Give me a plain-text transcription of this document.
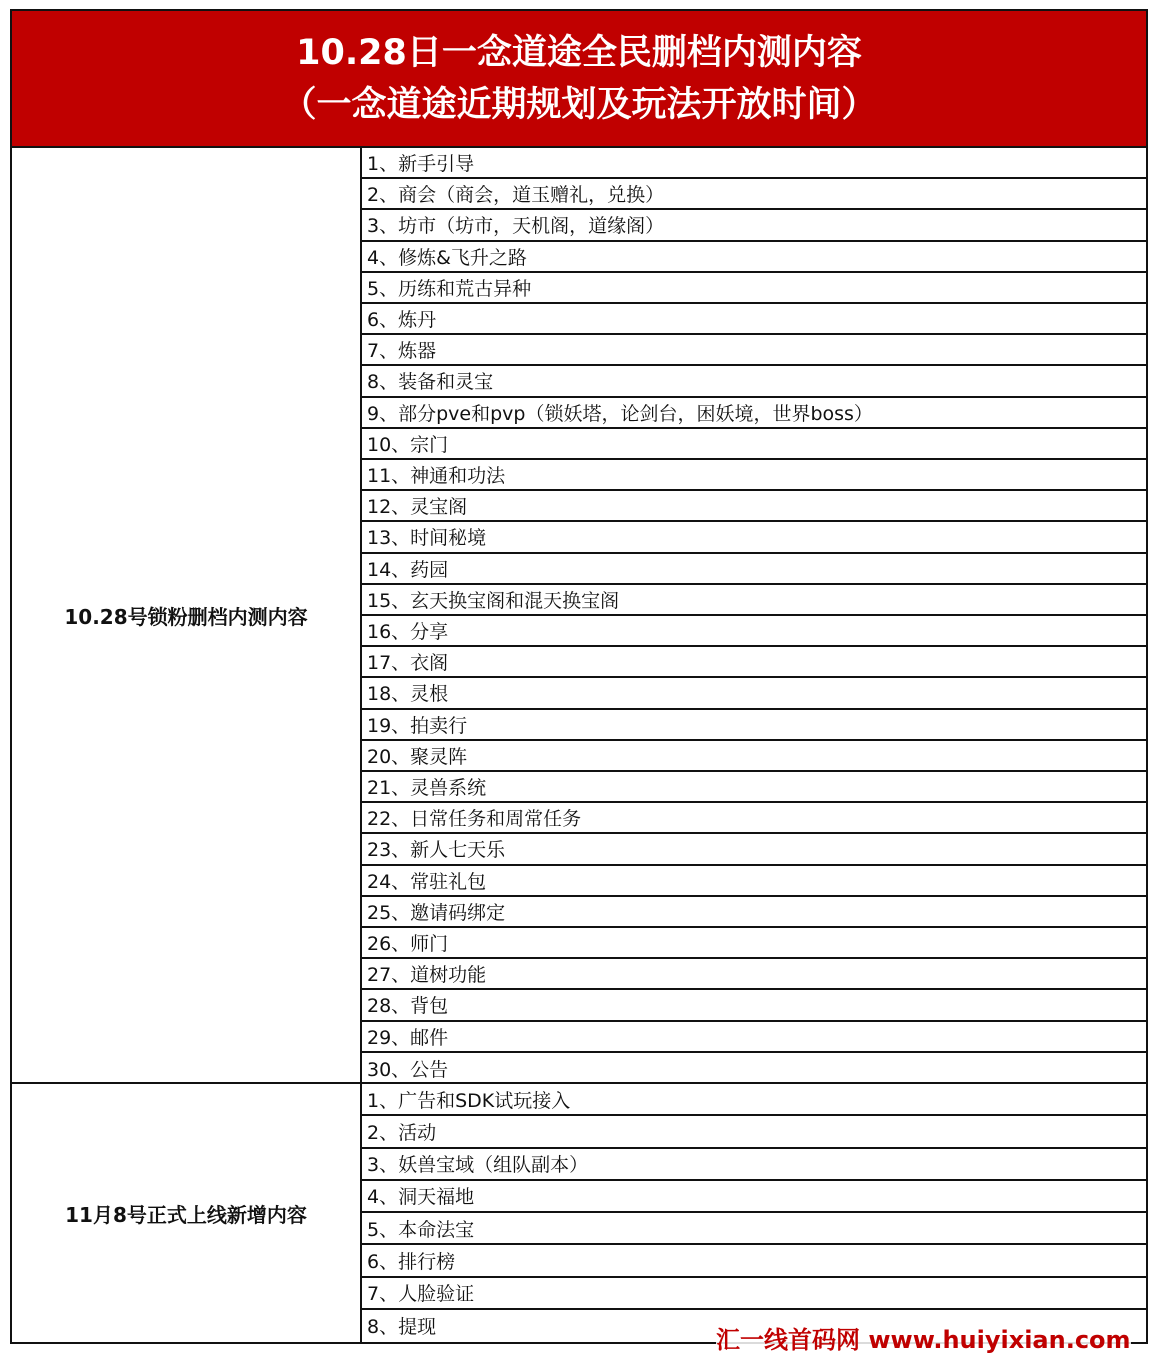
10.28日一念道途全民删档内测内容
（一念道途近期规划及玩法开放时间）
10.28号锁粉删档内测内容
1、新手引导
2、商会（商会，道玉赠礼，兑换）
3、坊市（坊市，天机阁，道缘阁）
4、修炼&飞升之路
5、历练和荒古异种
6、炼丹
7、炼器
8、装备和灵宝
9、部分pve和pvp（锁妖塔，论剑台，困妖境，世界boss）
10、宗门
11、神通和功法
12、灵宝阁
13、时间秘境
14、药园
15、玄天换宝阁和混天换宝阁
16、分享
17、衣阁
18、灵根
19、拍卖行
20、聚灵阵
21、灵兽系统
22、日常任务和周常任务
23、新人七天乐
24、常驻礼包
25、邀请码绑定
26、师门
27、道树功能
28、背包
29、邮件
30、公告
11月8号正式上线新增内容
1、广告和SDK试玩接入
2、活动
3、妖兽宝域（组队副本）
4、洞天福地
5、本命法宝
6、排行榜
7、人脸验证
8、提现	汇一线首码网 www.huiyixian.com
